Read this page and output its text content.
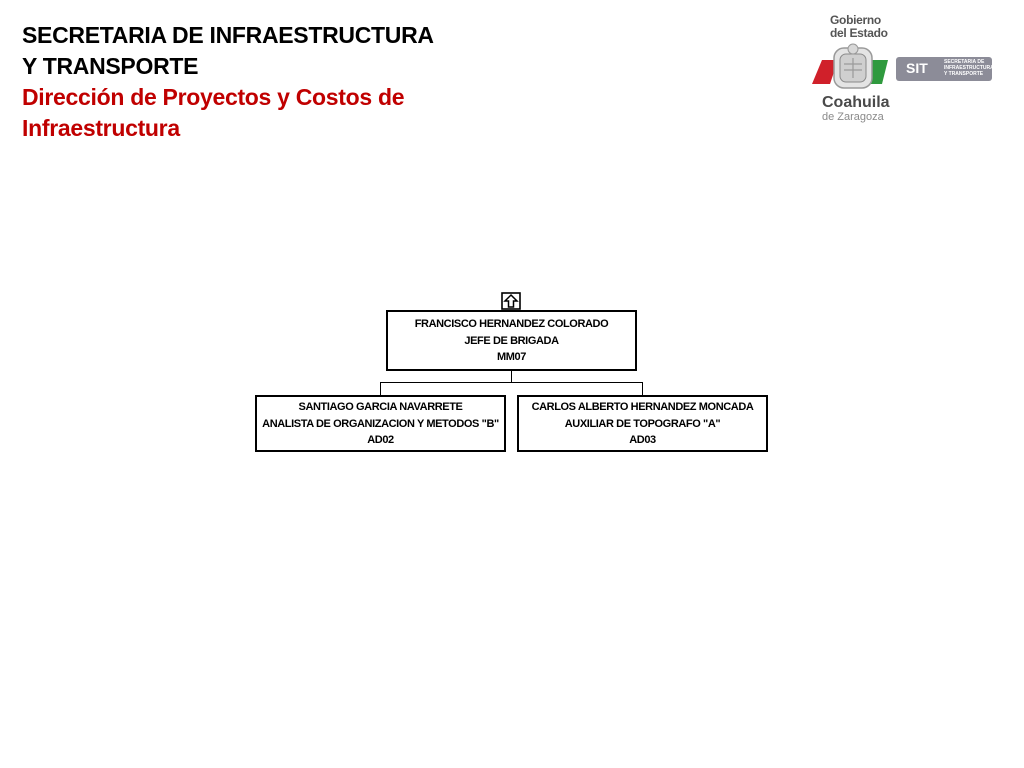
SECRETARIA DE INFRAESTRUCTURA
Y TRANSPORTE
Dirección de Proyectos y Costos de
Infraestructura
Gobierno
del Estado
SIT	SECRETARIA DE INFRAESTRUCTURA Y TRANSPORTE
Coahuila
de Zaragoza
FRANCISCO HERNANDEZ COLORADO
JEFE DE BRIGADA
MM07
SANTIAGO GARCIA NAVARRETE
ANALISTA DE ORGANIZACION Y METODOS "B"
AD02
CARLOS ALBERTO HERNANDEZ MONCADA
AUXILIAR DE TOPOGRAFO "A"
AD03
